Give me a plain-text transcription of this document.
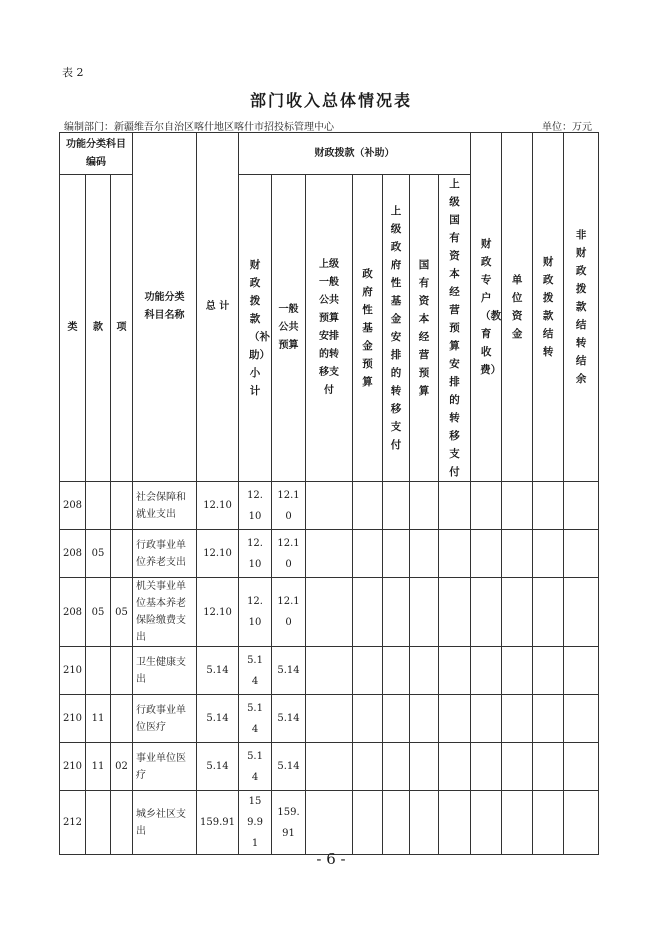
表 2
部门收入总体情况表
编制部门：新疆维吾尔自治区喀什地区喀什市招投标管理中心	单位：万元
功能分类科目编码			功能分类科目名称	总 计	财政拨款（补助）							财政专户（教育收费）	单位资金	财政拨款结转	非财政拨款结转结余
类	款	项			财政拨款（补助）小计	一般公共预算	上级一般公共预算安排的转移支付	政府性基金预算	上级政府性基金安排的转移支付	国有资本经营预算	上级国有资本经营预算安排的转移支付				
208			社会保障和就业支出	12.10	12.10	12.10									
208	05		行政事业单位养老支出	12.10	12.10	12.10									
208	05	05	机关事业单位基本养老保险缴费支出	12.10	12.10	12.10									
210			卫生健康支出	5.14	5.14	5.14									
210	11		行政事业单位医疗	5.14	5.14	5.14									
210	11	02	事业单位医疗	5.14	5.14	5.14									
212			城乡社区支出	159.91	159.91	159.91									
- 6 -
